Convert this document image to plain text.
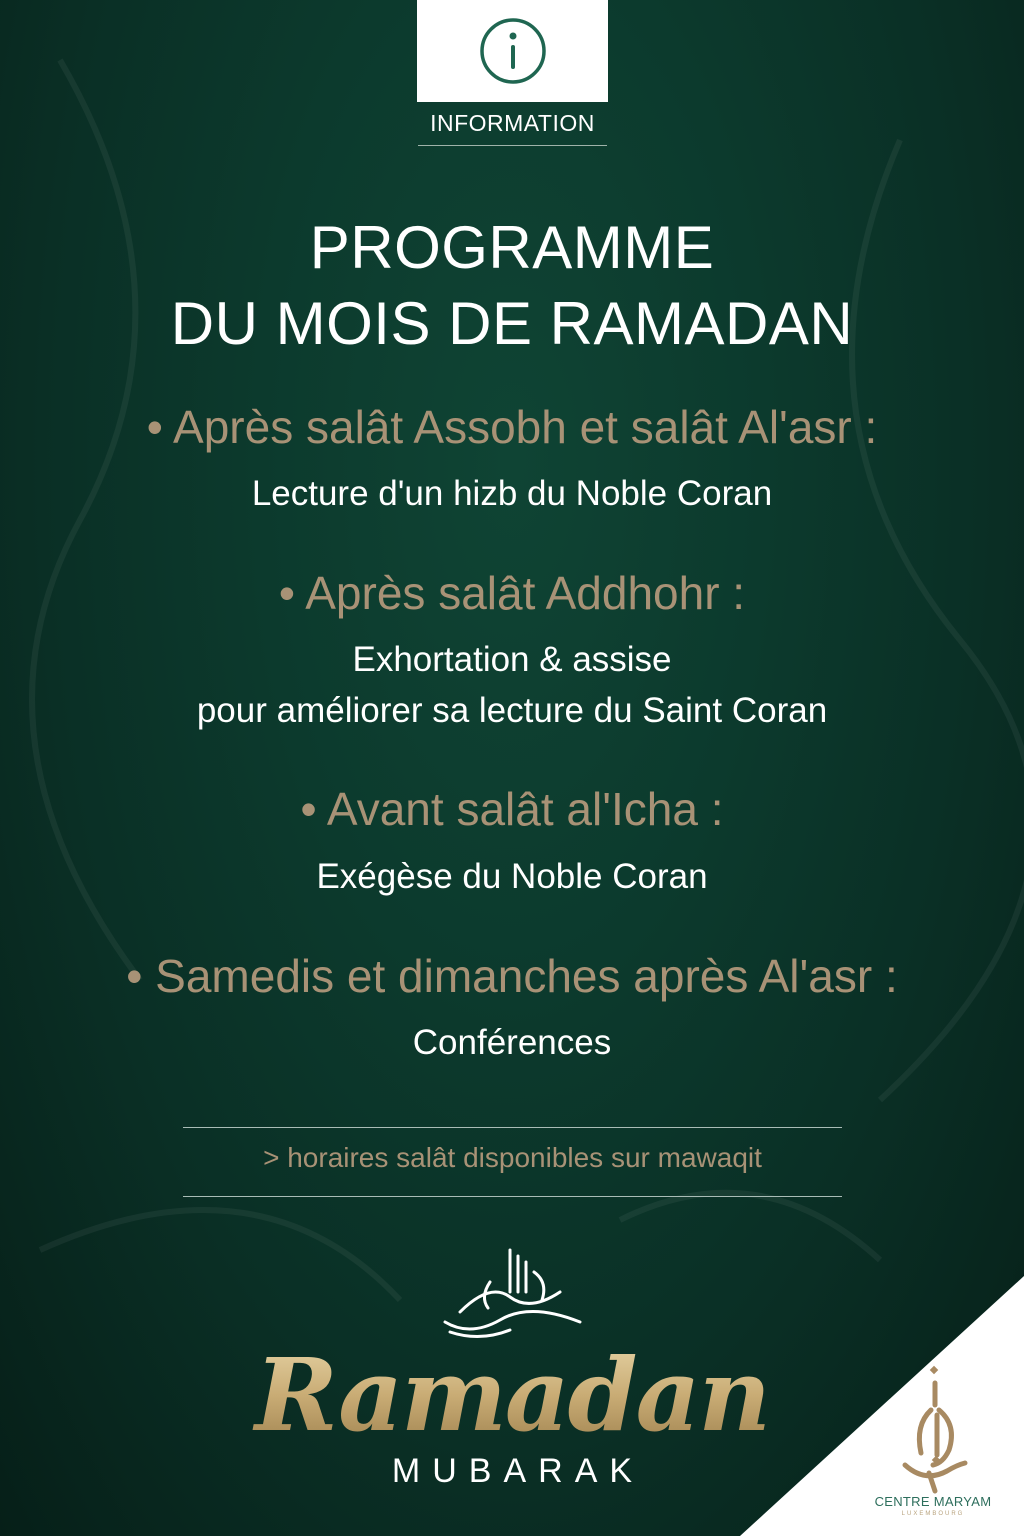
INFORMATION
PROGRAMME
DU MOIS DE RAMADAN
• Après salât Assobh et salât Al'asr :
Lecture d'un hizb du Noble Coran
• Après salât Addhohr :
Exhortation & assise
pour améliorer sa lecture du Saint Coran
• Avant salât al'Icha :
Exégèse du Noble Coran
• Samedis et dimanches après Al'asr :
Conférences
> horaires salât disponibles sur mawaqit
Ramadan
MUBARAK
CENTRE MARYAM
LUXEMBOURG
